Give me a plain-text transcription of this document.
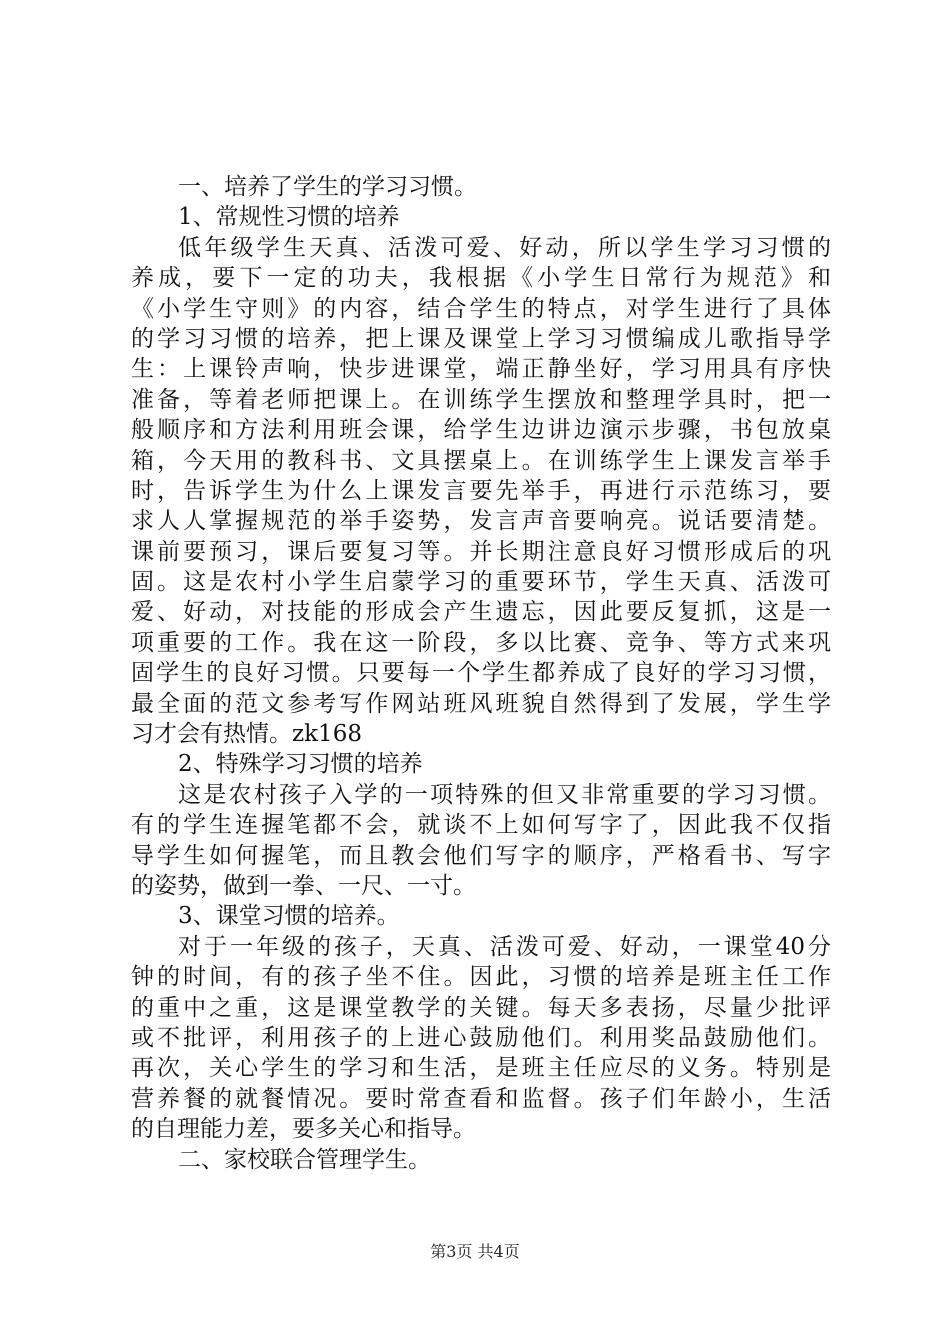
一、培养了学生的学习习惯。
1、常规性习惯的培养
低年级学生天真、活泼可爱、好动，所以学生学习习惯的
养成，要下一定的功夫，我根据《小学生日常行为规范》和
《小学生守则》的内容，结合学生的特点，对学生进行了具体
的学习习惯的培养，把上课及课堂上学习习惯编成儿歌指导学
生：上课铃声响，快步进课堂，端正静坐好，学习用具有序快
准备，等着老师把课上。在训练学生摆放和整理学具时，把一
般顺序和方法利用班会课，给学生边讲边演示步骤，书包放桌
箱，今天用的教科书、文具摆桌上。在训练学生上课发言举手
时，告诉学生为什么上课发言要先举手，再进行示范练习，要
求人人掌握规范的举手姿势，发言声音要响亮。说话要清楚。
课前要预习，课后要复习等。并长期注意良好习惯形成后的巩
固。这是农村小学生启蒙学习的重要环节，学生天真、活泼可
爱、好动，对技能的形成会产生遗忘，因此要反复抓，这是一
项重要的工作。我在这一阶段，多以比赛、竞争、等方式来巩
固学生的良好习惯。只要每一个学生都养成了良好的学习习惯，
最全面的范文参考写作网站班风班貌自然得到了发展，学生学
习才会有热情。zk168
2、特殊学习习惯的培养
这是农村孩子入学的一项特殊的但又非常重要的学习习惯。
有的学生连握笔都不会，就谈不上如何写字了，因此我不仅指
导学生如何握笔，而且教会他们写字的顺序，严格看书、写字
的姿势，做到一拳、一尺、一寸。
3、课堂习惯的培养。
对于一年级的孩子，天真、活泼可爱、好动，一课堂40分
钟的时间，有的孩子坐不住。因此，习惯的培养是班主任工作
的重中之重，这是课堂教学的关键。每天多表扬，尽量少批评
或不批评，利用孩子的上进心鼓励他们。利用奖品鼓励他们。
再次，关心学生的学习和生活，是班主任应尽的义务。特别是
营养餐的就餐情况。要时常查看和监督。孩子们年龄小，生活
的自理能力差，要多关心和指导。
二、家校联合管理学生。
第3页 共4页
